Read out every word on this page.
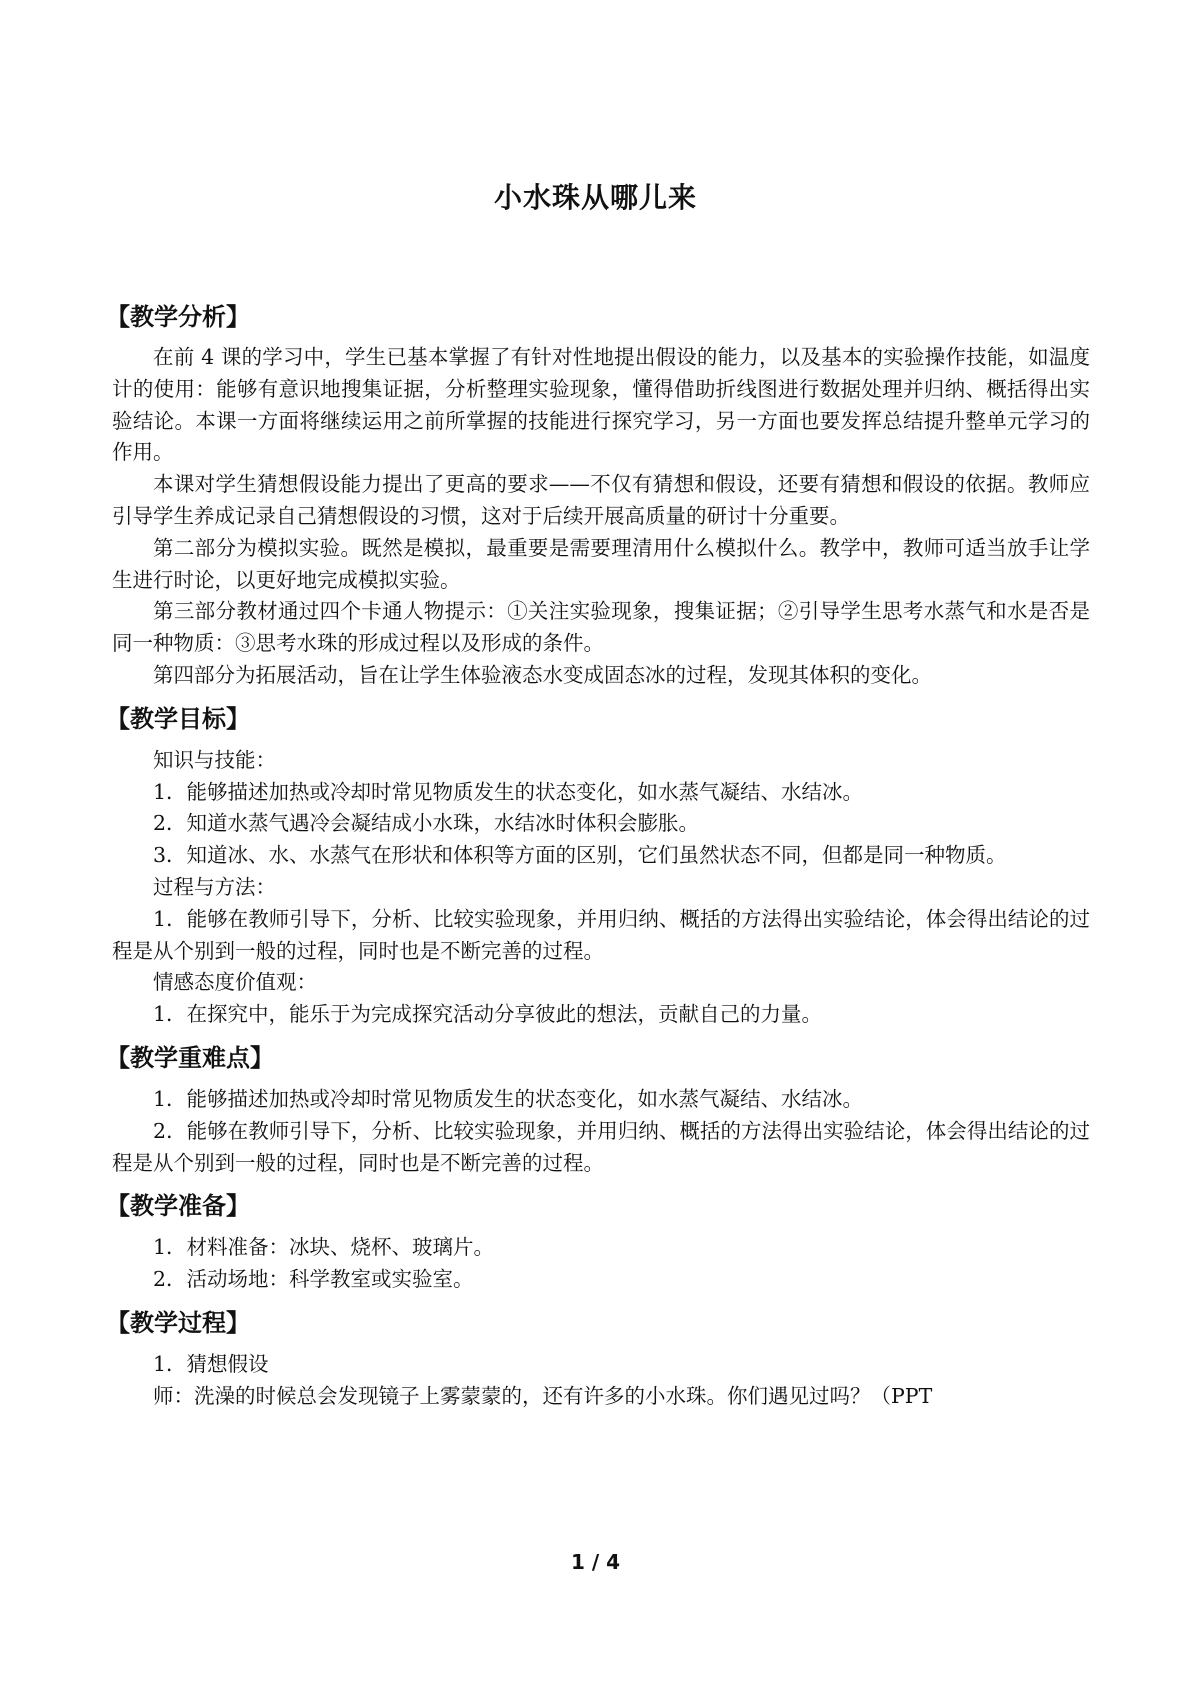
小水珠从哪儿来
【教学分析】

在前 4 课的学习中，学生已基本掌握了有针对性地提出假设的能力，以及基本的实验操作技能，如温度计的使用：能够有意识地搜集证据，分析整理实验现象，懂得借助折线图进行数据处理并归纳、概括得出实验结论。本课一方面将继续运用之前所掌握的技能进行探究学习，另一方面也要发挥总结提升整单元学习的作用。

本课对学生猜想假设能力提出了更高的要求——不仅有猜想和假设，还要有猜想和假设的依据。教师应引导学生养成记录自己猜想假设的习惯，这对于后续开展高质量的研讨十分重要。

第二部分为模拟实验。既然是模拟，最重要是需要理清用什么模拟什么。教学中，教师可适当放手让学生进行时论，以更好地完成模拟实验。

第三部分教材通过四个卡通人物提示：①关注实验现象，搜集证据；②引导学生思考水蒸气和水是否是同一种物质：③思考水珠的形成过程以及形成的条件。

第四部分为拓展活动，旨在让学生体验液态水变成固态冰的过程，发现其体积的变化。

【教学目标】

知识与技能：

1．能够描述加热或冷却时常见物质发生的状态变化，如水蒸气凝结、水结冰。

2．知道水蒸气遇冷会凝结成小水珠，水结冰时体积会膨胀。

3．知道冰、水、水蒸气在形状和体积等方面的区别，它们虽然状态不同，但都是同一种物质。

过程与方法：

1．能够在教师引导下，分析、比较实验现象，并用归纳、概括的方法得出实验结论，体会得出结论的过程是从个别到一般的过程，同时也是不断完善的过程。

情感态度价值观：

1．在探究中，能乐于为完成探究活动分享彼此的想法，贡献自己的力量。

【教学重难点】

1．能够描述加热或冷却时常见物质发生的状态变化，如水蒸气凝结、水结冰。

2．能够在教师引导下，分析、比较实验现象，并用归纳、概括的方法得出实验结论，体会得出结论的过程是从个别到一般的过程，同时也是不断完善的过程。

【教学准备】

1．材料准备：冰块、烧杯、玻璃片。

2．活动场地：科学教室或实验室。

【教学过程】

1．猜想假设

师：洗澡的时候总会发现镜子上雾蒙蒙的，还有许多的小水珠。你们遇见过吗？（PPT

1 / 4
